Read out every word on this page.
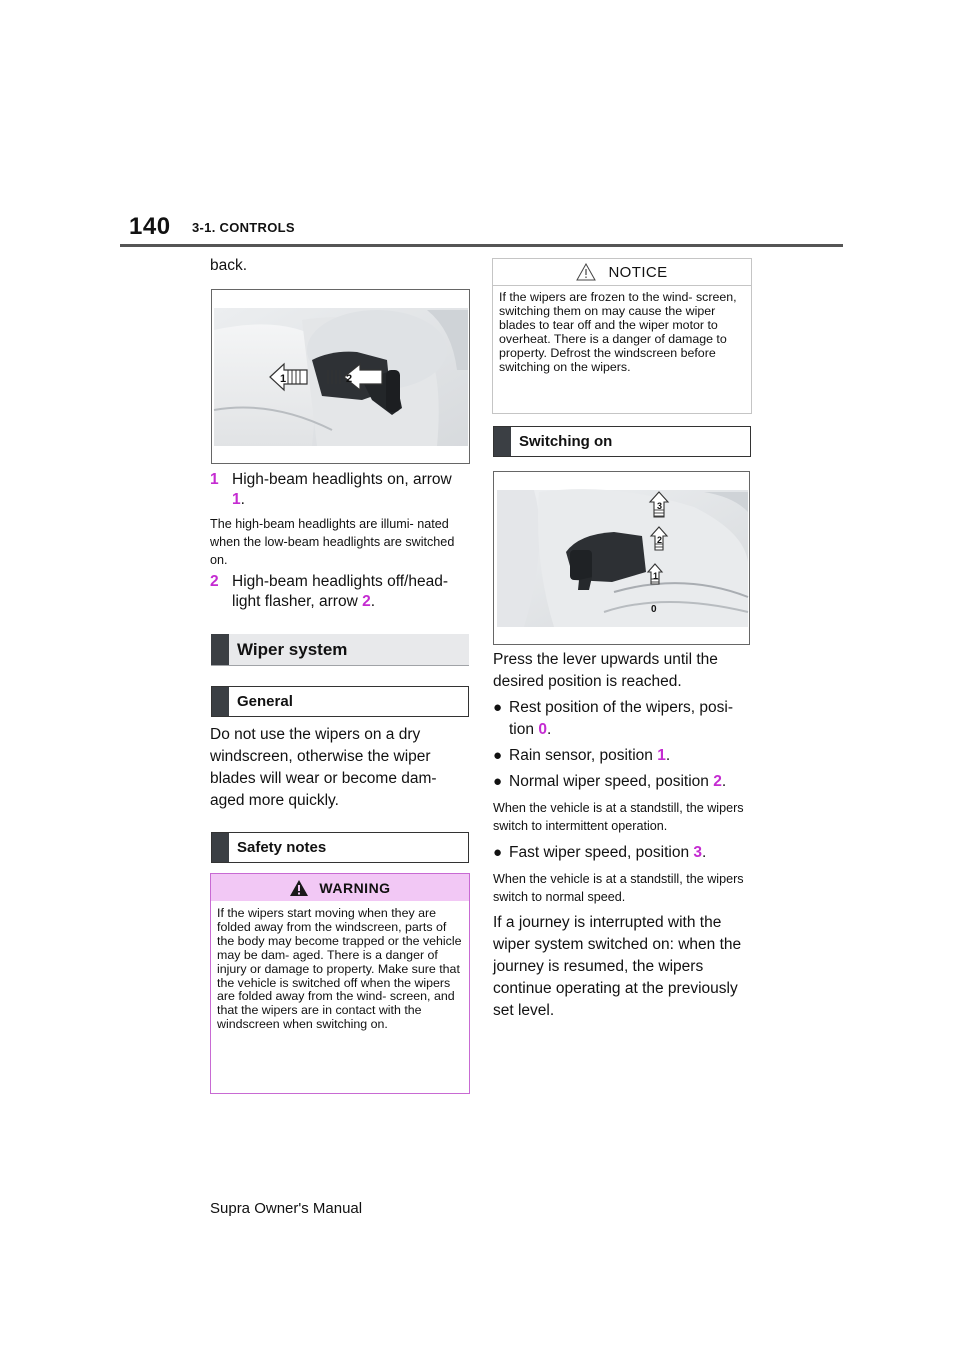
140 3-1. CONTROLS
back.
1	2
1 High-beam headlights on, arrow
1.
The high-beam headlights are illumi- nated when the low-beam headlights are switched on.
2 High-beam headlights off/head- light flasher, arrow 2.
Wiper system
General
Do not use the wipers on a dry windscreen, otherwise the wiper blades will wear or become dam- aged more quickly.
Safety notes
WARNING
If the wipers start moving when they are folded away from the windscreen, parts of the body may become trapped or the vehicle may be dam- aged. There is a danger of injury or damage to property. Make sure that the vehicle is switched off when the wipers are folded away from the wind- screen, and that the wipers are in contact with the windscreen when switching on.
NOTICE
If the wipers are frozen to the wind- screen, switching them on may cause the wiper blades to tear off and the wiper motor to overheat. There is a danger of damage to property. Defrost the windscreen before switching on the wipers.
Switching on
0
1
2
3
Press the lever upwards until the desired position is reached.
● Rest position of the wipers, posi- tion 0.
● Rain sensor, position 1.
● Normal wiper speed, position 2.
When the vehicle is at a standstill, the wipers switch to intermittent operation.
● Fast wiper speed, position 3.
When the vehicle is at a standstill, the wipers switch to normal speed.
If a journey is interrupted with the wiper system switched on: when the journey is resumed, the wipers continue operating at the previously set level.
Supra Owner's Manual
